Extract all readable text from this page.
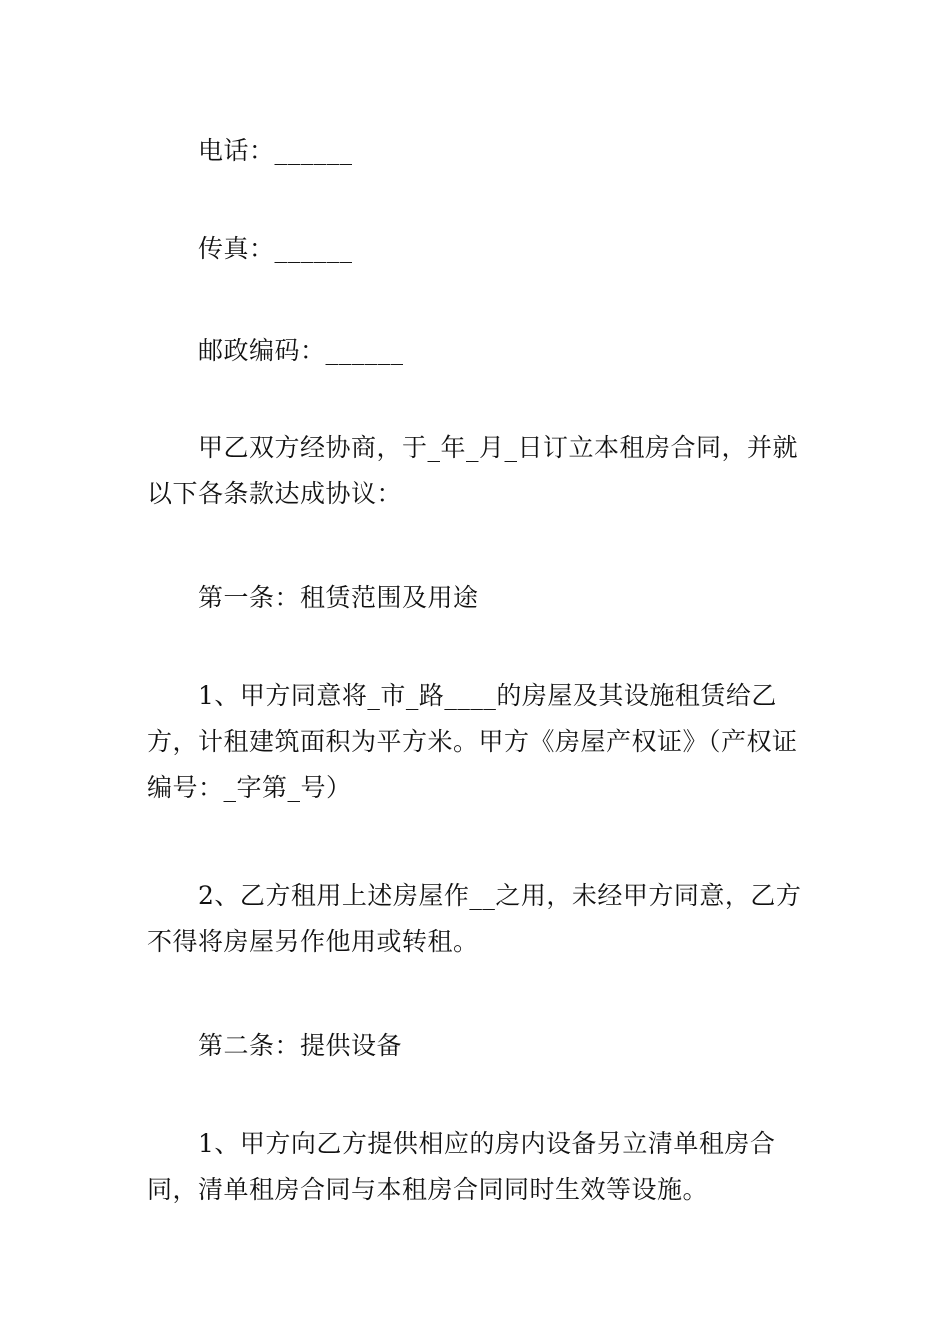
电话：______

传真：______

邮政编码：______

甲乙双方经协商，于_年_月_日订立本租房合同，并就以下各条款达成协议：

第一条：租赁范围及用途

1、甲方同意将_市_路____的房屋及其设施租赁给乙方，计租建筑面积为平方米。甲方《房屋产权证》（产权证编号：_字第_号）

2、乙方租用上述房屋作__之用，未经甲方同意，乙方不得将房屋另作他用或转租。

第二条：提供设备

1、甲方向乙方提供相应的房内设备另立清单租房合同，清单租房合同与本租房合同同时生效等设施。
